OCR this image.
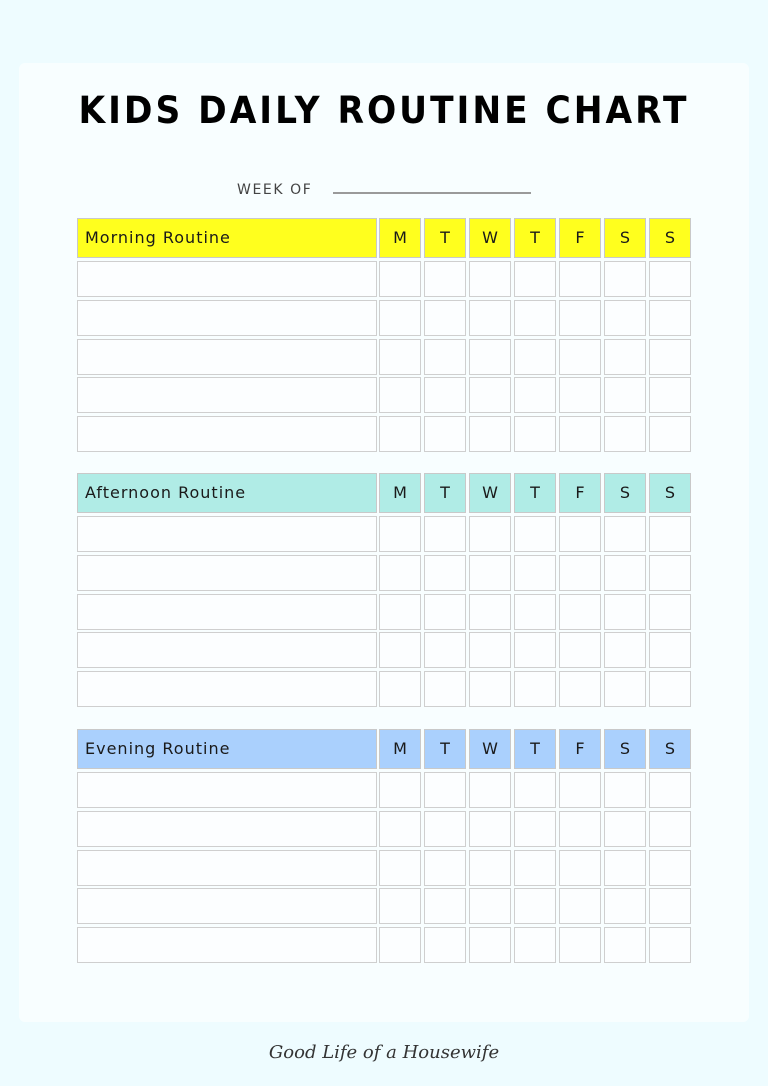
KIDS DAILY ROUTINE CHART
WEEK OF
Morning Routine	M	T	W	T	F	S	S
Afternoon Routine	M	T	W	T	F	S	S
Evening Routine	M	T	W	T	F	S	S
Good Life of a Housewife
